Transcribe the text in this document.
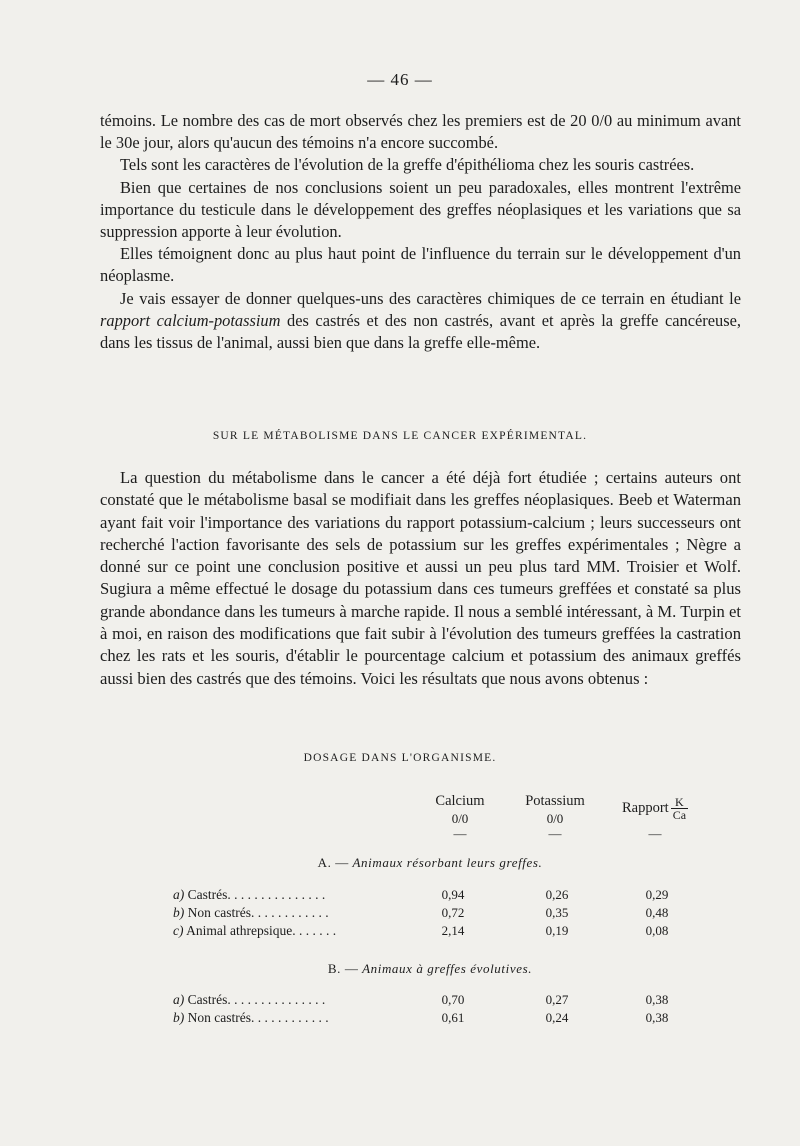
— 46 —

témoins. Le nombre des cas de mort observés chez les premiers est de 20 0/0 au minimum avant le 30e jour, alors qu'aucun des témoins n'a encore succombé.

Tels sont les caractères de l'évolution de la greffe d'épithélioma chez les souris castrées.

Bien que certaines de nos conclusions soient un peu paradoxales, elles montrent l'extrême importance du testicule dans le développement des greffes néoplasiques et les variations que sa suppression apporte à leur évolution.

Elles témoignent donc au plus haut point de l'influence du terrain sur le développement d'un néoplasme.

Je vais essayer de donner quelques-uns des caractères chimiques de ce terrain en étudiant le rapport calcium-potassium des castrés et des non castrés, avant et après la greffe cancéreuse, dans les tissus de l'animal, aussi bien que dans la greffe elle-même.

SUR LE MÉTABOLISME DANS LE CANCER EXPÉRIMENTAL.

La question du métabolisme dans le cancer a été déjà fort étudiée ; certains auteurs ont constaté que le métabolisme basal se modifiait dans les greffes néoplasiques. Beeb et Waterman ayant fait voir l'importance des variations du rapport potassium-calcium ; leurs successeurs ont recherché l'action favorisante des sels de potassium sur les greffes expérimentales ; Nègre a donné sur ce point une conclusion positive et aussi un peu plus tard MM. Troisier et Wolf. Sugiura a même effectué le dosage du potassium dans ces tumeurs greffées et constaté sa plus grande abondance dans les tumeurs à marche rapide. Il nous a semblé intéressant, à M. Turpin et à moi, en raison des modifications que fait subir à l'évolution des tumeurs greffées la castration chez les rats et les souris, d'établir le pourcentage calcium et potassium des animaux greffés aussi bien des castrés que des témoins. Voici les résultats que nous avons obtenus :

DOSAGE DANS L'ORGANISME.
Calcium
0/0
—
Potassium
0/0
—
Rapport $\frac{K}{Ca}$
—
A. — Animaux résorbant leurs greffes.
a) Castrés. . . . . . . . . . . . . . .	0,94	0,26	0,29
b) Non castrés. . . . . . . . . . . .	0,72	0,35	0,48
c) Animal athrepsique. . . . . . .	2,14	0,19	0,08
B. — Animaux à greffes évolutives.
a) Castrés. . . . . . . . . . . . . . .	0,70	0,27	0,38
b) Non castrés. . . . . . . . . . . .	0,61	0,24	0,38
